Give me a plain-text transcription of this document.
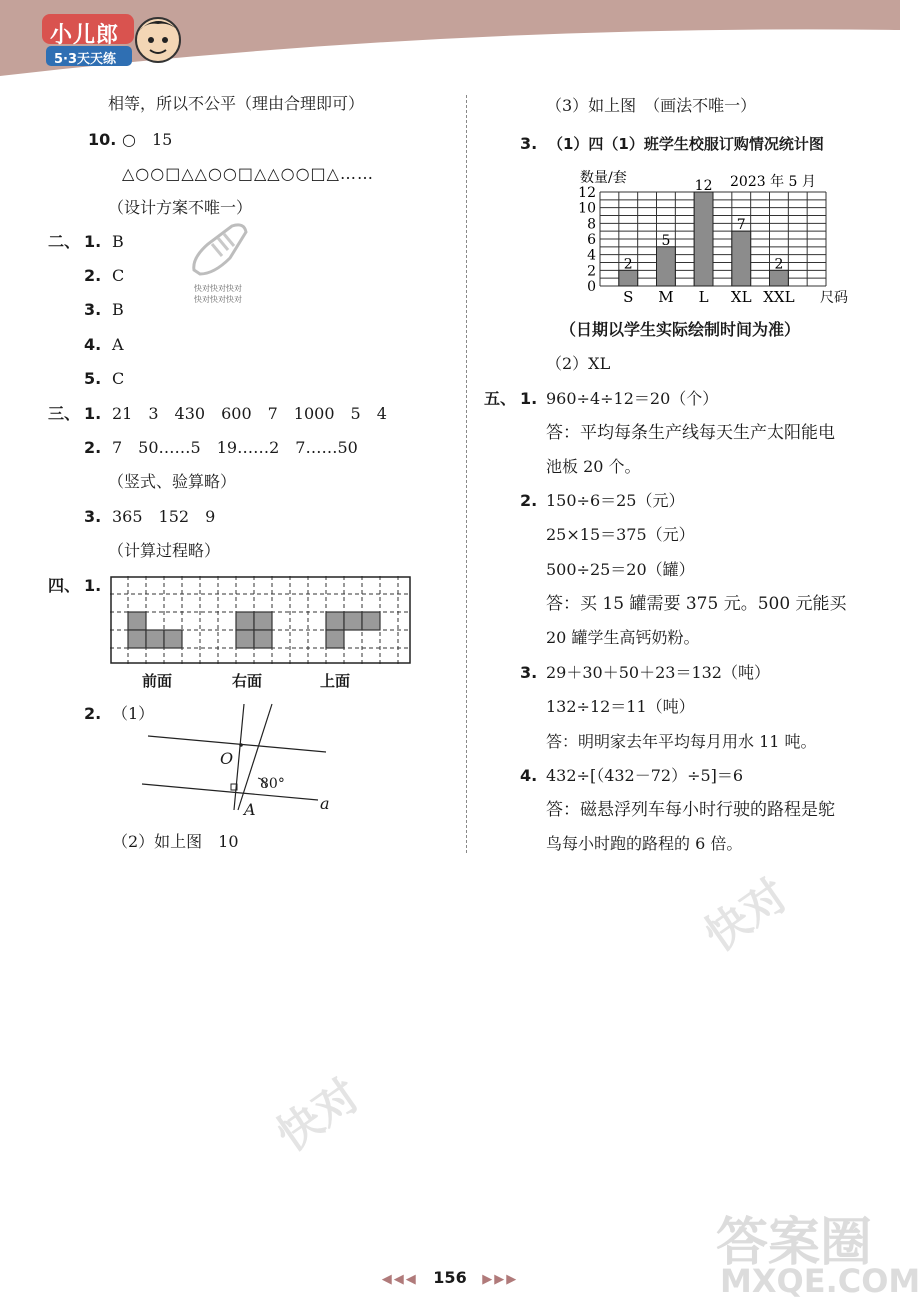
小儿郎
5·3天天练
快对
快对
答案圈
MXQE.COM
相等，所以不公平（理由合理即可）
10. ○　15
△○○□△△○○□△△○○□△……
（设计方案不唯一）
快对快对快对
快对快对快对
二、 1. B
2. C
3. B
4. A
5. C
三、 1. 21　3　430　600　7　1000　5　4
2. 7　50……5　19……2　7……50
（竖式、验算略）
3. 365　152　9
（计算过程略）
四、 1.
前面	右面	上面
2. （1）
O
A	a
80°
（2）如上图　10
（3）如上图　（画法不唯一）
3. （1）四（1）班学生校服订购情况统计图
2
5
12
7
2
0
2
4
6
8
10
12
S M L XL XXL
数量/套	2023 年 5 月
尺码
（日期以学生实际绘制时间为准）
（2）XL
五、 1. 960÷4÷12＝20（个）
答：平均每条生产线每天生产太阳能电
池板 20 个。
2. 150÷6＝25（元）
25×15＝375（元）
500÷25＝20（罐）
答：买 15 罐需要 375 元。500 元能买
20 罐学生高钙奶粉。
3. 29＋30＋50＋23＝132（吨）
132÷12＝11（吨）
答：明明家去年平均每月用水 11 吨。
4. 432÷[（432－72）÷5]＝6
答：磁悬浮列车每小时行驶的路程是鸵
鸟每小时跑的路程的 6 倍。
◀◀◀ 156 ▶▶▶
